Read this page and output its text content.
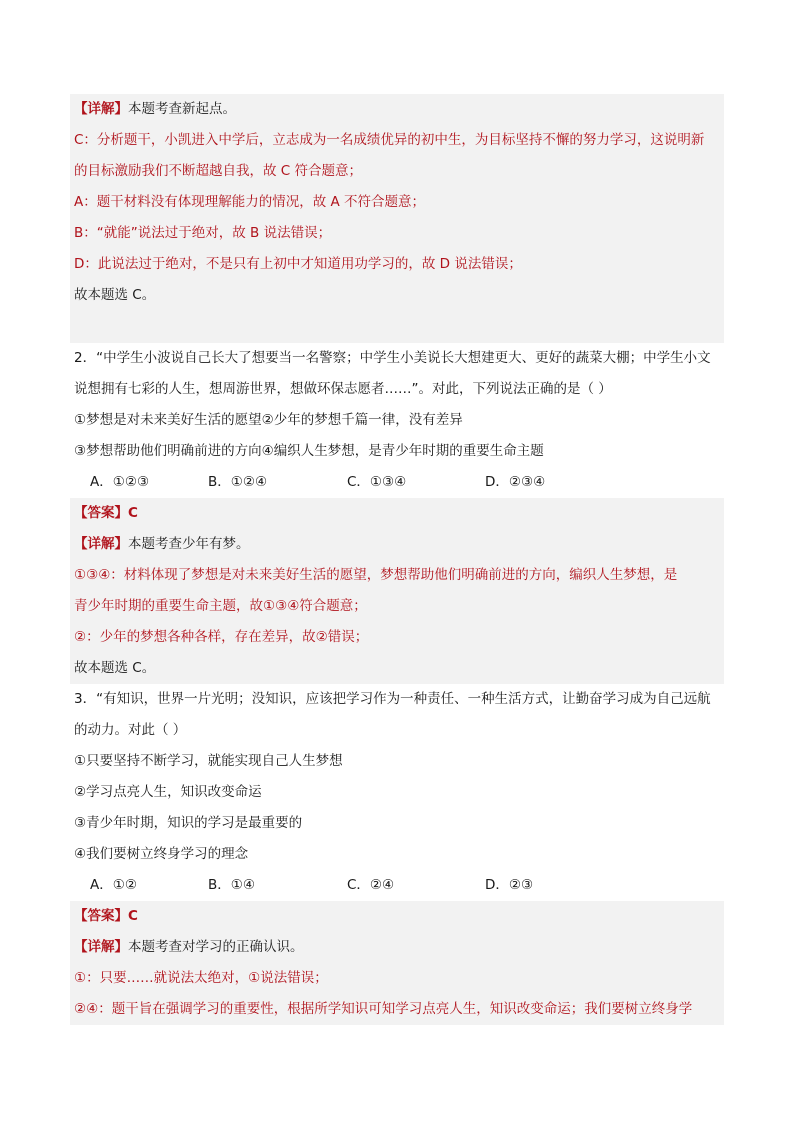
【详解】本题考查新起点。
C：分析题干，小凯进入中学后，立志成为一名成绩优异的初中生，为目标坚持不懈的努力学习，这说明新
的目标激励我们不断超越自我，故 C 符合题意；
A：题干材料没有体现理解能力的情况，故 A 不符合题意；
B：“就能”说法过于绝对，故 B 说法错误；
D：此说法过于绝对，不是只有上初中才知道用功学习的，故 D 说法错误；
故本题选 C。
2．“中学生小波说自己长大了想要当一名警察；中学生小美说长大想建更大、更好的蔬菜大棚；中学生小文
说想拥有七彩的人生，想周游世界，想做环保志愿者……”。对此，下列说法正确的是（ ）
①梦想是对未来美好生活的愿望②少年的梦想千篇一律，没有差异
③梦想帮助他们明确前进的方向④编织人生梦想，是青少年时期的重要生命主题
A．①②③	B．①②④	C．①③④	D．②③④
【答案】C
【详解】本题考查少年有梦。
①③④：材料体现了梦想是对未来美好生活的愿望，梦想帮助他们明确前进的方向，编织人生梦想，是
青少年时期的重要生命主题，故①③④符合题意；
②：少年的梦想各种各样，存在差异，故②错误；
故本题选 C。
3．“有知识，世界一片光明；没知识，应该把学习作为一种责任、一种生活方式，让勤奋学习成为自己远航
的动力。对此（ ）
①只要坚持不断学习，就能实现自己人生梦想
②学习点亮人生，知识改变命运
③青少年时期，知识的学习是最重要的
④我们要树立终身学习的理念
A．①②	B．①④	C．②④	D．②③
【答案】C
【详解】本题考查对学习的正确认识。
①：只要……就说法太绝对，①说法错误；
②④：题干旨在强调学习的重要性，根据所学知识可知学习点亮人生，知识改变命运；我们要树立终身学
